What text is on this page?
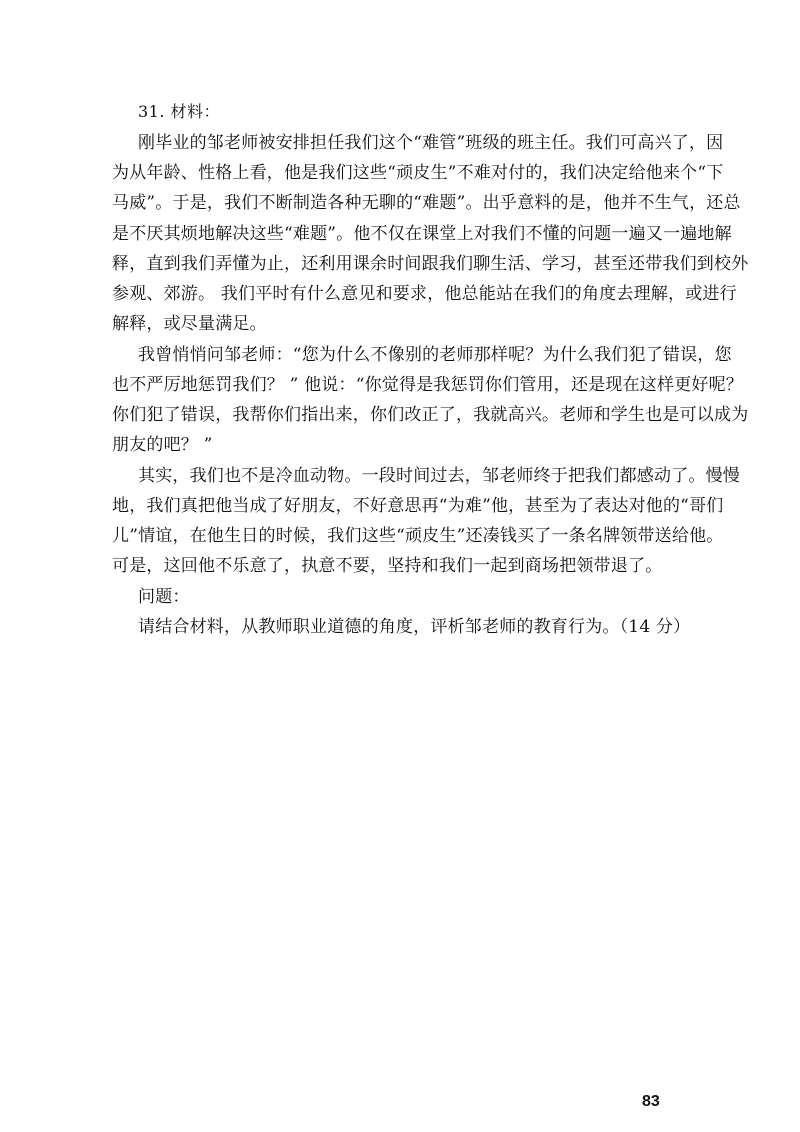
31. 材料：
刚毕业的邹老师被安排担任我们这个“难管”班级的班主任。我们可高兴了，因
为从年龄、性格上看，他是我们这些“顽皮生”不难对付的，我们决定给他来个“下
马威”。于是，我们不断制造各种无聊的“难题”。出乎意料的是，他并不生气，还总
是不厌其烦地解决这些“难题”。他不仅在课堂上对我们不懂的问题一遍又一遍地解
释，直到我们弄懂为止，还利用课余时间跟我们聊生活、学习，甚至还带我们到校外
参观、郊游。 我们平时有什么意见和要求，他总能站在我们的角度去理解，或进行
解释，或尽量满足。
我曾悄悄问邹老师：“您为什么不像别的老师那样呢？为什么我们犯了错误，您
也不严厉地惩罚我们？ ” 他说：“你觉得是我惩罚你们管用，还是现在这样更好呢？
你们犯了错误，我帮你们指出来，你们改正了，我就高兴。老师和学生也是可以成为
朋友的吧？ ”
其实，我们也不是冷血动物。一段时间过去，邹老师终于把我们都感动了。慢慢
地，我们真把他当成了好朋友，不好意思再“为难”他，甚至为了表达对他的“哥们
儿”情谊，在他生日的时候，我们这些“顽皮生”还凑钱买了一条名牌领带送给他。
可是，这回他不乐意了，执意不要，坚持和我们一起到商场把领带退了。
问题：
请结合材料，从教师职业道德的角度，评析邹老师的教育行为。（14 分）
83
